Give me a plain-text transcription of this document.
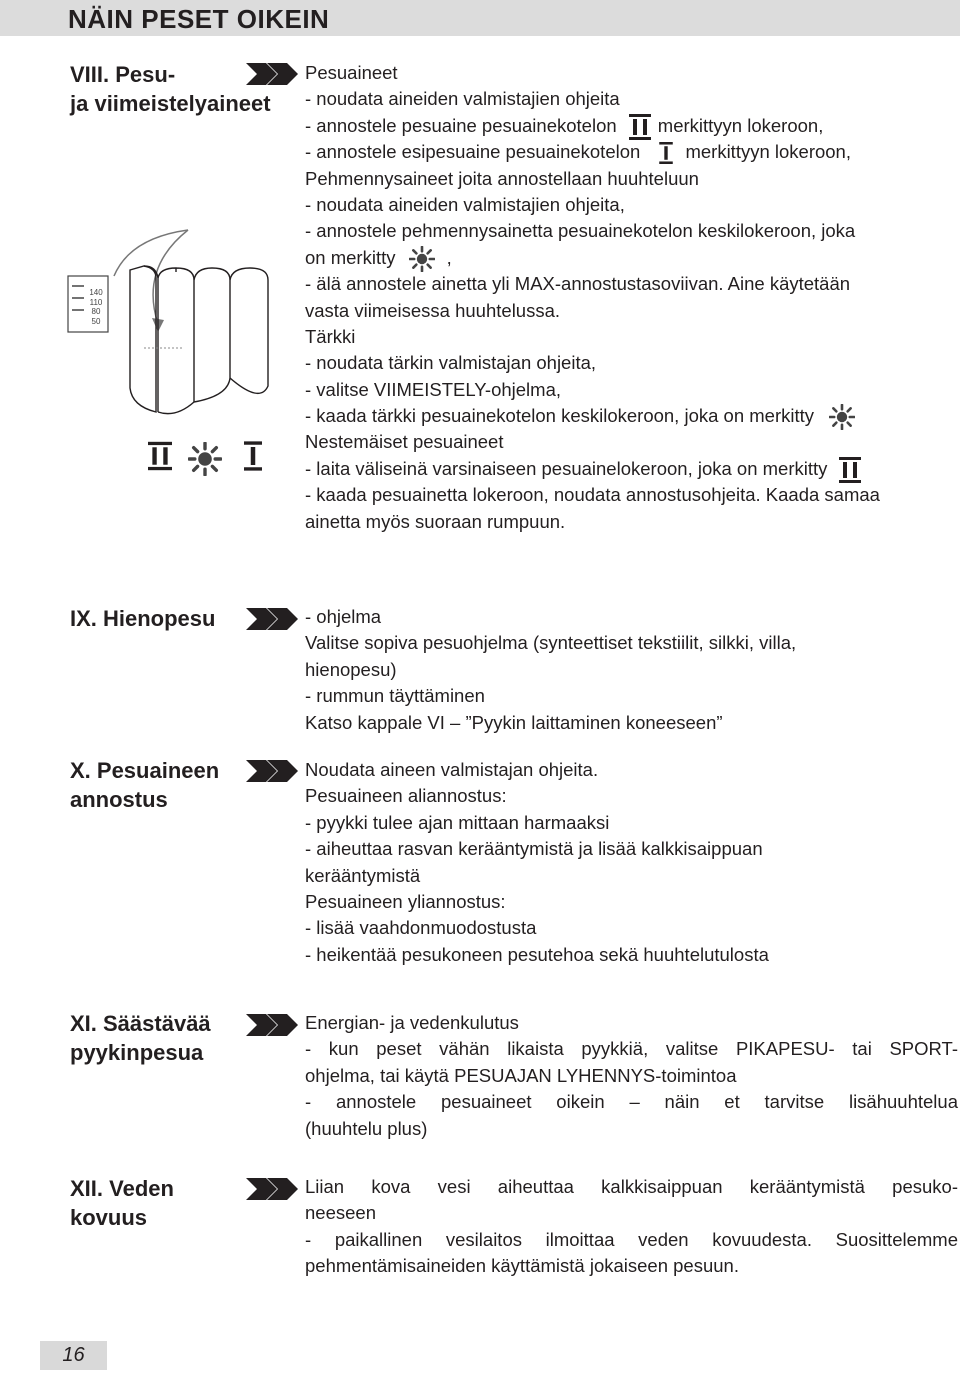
NÄIN PESET OIKEIN
VIII. Pesu-
ja viimeistelyaineet
Pesuaineet
- noudata aineiden valmistajien ohjeita
- annostele pesuaine pesuainekotelon merkittyyn lokeroon,
- annostele esipesuaine pesuainekotelon merkittyyn lokeroon,
Pehmennysaineet joita annostellaan huuhteluun
- noudata aineiden valmistajien ohjeita,
- annostele pehmennysainetta pesuainekotelon keskilokeroon, joka
on merkitty	,
- älä annostele ainetta yli MAX-annostustasoviivan. Aine käytetään
vasta viimeisessa huuhtelussa.
Tärkki
- noudata tärkin valmistajan ohjeita,
- valitse VIIMEISTELY-ohjelma,
- kaada tärkki pesuainekotelon keskilokeroon, joka on merkitty
Nestemäiset pesuaineet
- laita väliseinä varsinaiseen pesuainelokeroon, joka on merkitty
- kaada pesuainetta lokeroon, noudata annostusohjeita. Kaada samaa
ainetta myös suoraan rumpuun.
140
110
80
50
IX. Hienopesu	- ohjelma
Valitse sopiva pesuohjelma (synteettiset tekstiilit, silkki, villa,
hienopesu)
- rummun täyttäminen
Katso kappale VI – ”Pyykin laittaminen koneeseen”
X. Pesuaineen
annostus
Noudata aineen valmistajan ohjeita.
Pesuaineen aliannostus:
- pyykki tulee ajan mittaan harmaaksi
- aiheuttaa rasvan kerääntymistä ja lisää kalkkisaippuan
kerääntymistä
Pesuaineen yliannostus:
- lisää vaahdonmuodostusta
- heikentää pesukoneen pesutehoa sekä huuhtelutulosta
XI. Säästävää
pyykinpesua
Energian- ja vedenkulutus
- kun peset vähän likaista pyykkiä, valitse PIKAPESU- tai SPORT-
ohjelma, tai käytä PESUAJAN LYHENNYS-toimintoa
- annostele pesuaineet oikein – näin et tarvitse lisähuuhtelua
(huuhtelu plus)
XII. Veden
kovuus
Liian kova vesi aiheuttaa kalkkisaippuan kerääntymistä pesuko-
neeseen
- paikallinen vesilaitos ilmoittaa veden kovuudesta. Suosittelemme
pehmentämisaineiden käyttämistä jokaiseen pesuun.
16
